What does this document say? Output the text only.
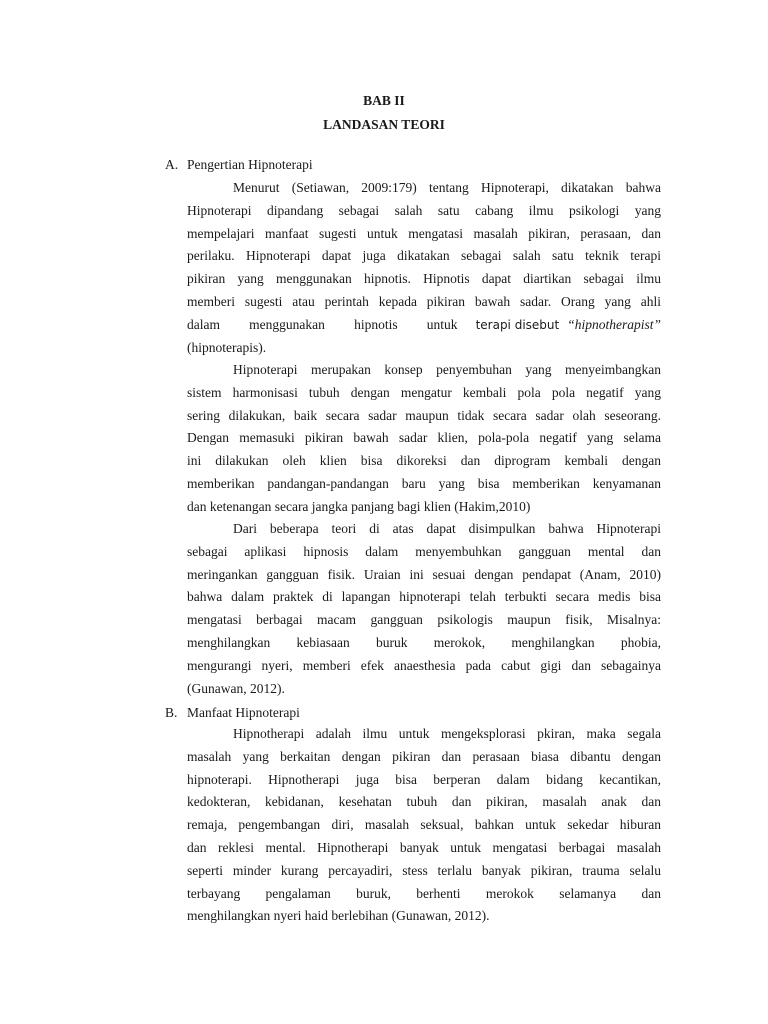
BAB II
LANDASAN TEORI
A. Pengertian Hipnoterapi
Menurut (Setiawan, 2009:179) tentang Hipnoterapi, dikatakan bahwa
Hipnoterapi dipandang sebagai salah satu cabang ilmu psikologi yang
mempelajari manfaat sugesti untuk mengatasi masalah pikiran, perasaan, dan
perilaku. Hipnoterapi dapat juga dikatakan sebagai salah satu teknik terapi
pikiran yang menggunakan hipnotis. Hipnotis dapat diartikan sebagai ilmu
memberi sugesti atau perintah kepada pikiran bawah sadar. Orang yang ahli
dalam menggunakan hipnotis untuk terapi disebut “hipnotherapist”
(hipnoterapis).
Hipnoterapi merupakan konsep penyembuhan yang menyeimbangkan
sistem harmonisasi tubuh dengan mengatur kembali pola pola negatif yang
sering dilakukan, baik secara sadar maupun tidak secara sadar olah seseorang.
Dengan memasuki pikiran bawah sadar klien, pola-pola negatif yang selama
ini dilakukan oleh klien bisa dikoreksi dan diprogram kembali dengan
memberikan pandangan-pandangan baru yang bisa memberikan kenyamanan
dan ketenangan secara jangka panjang bagi klien (Hakim,2010)
Dari beberapa teori di atas dapat disimpulkan bahwa Hipnoterapi
sebagai aplikasi hipnosis dalam menyembuhkan gangguan mental dan
meringankan gangguan fisik. Uraian ini sesuai dengan pendapat (Anam, 2010)
bahwa dalam praktek di lapangan hipnoterapi telah terbukti secara medis bisa
mengatasi berbagai macam gangguan psikologis maupun fisik, Misalnya:
menghilangkan kebiasaan buruk merokok, menghilangkan phobia,
mengurangi nyeri, memberi efek anaesthesia pada cabut gigi dan sebagainya
(Gunawan, 2012).
B. Manfaat Hipnoterapi
Hipnotherapi adalah ilmu untuk mengeksplorasi pkiran, maka segala
masalah yang berkaitan dengan pikiran dan perasaan biasa dibantu dengan
hipnoterapi. Hipnotherapi juga bisa berperan dalam bidang kecantikan,
kedokteran, kebidanan, kesehatan tubuh dan pikiran, masalah anak dan
remaja, pengembangan diri, masalah seksual, bahkan untuk sekedar hiburan
dan reklesi mental. Hipnotherapi banyak untuk mengatasi berbagai masalah
seperti minder kurang percayadiri, stess terlalu banyak pikiran, trauma selalu
terbayang pengalaman buruk, berhenti merokok selamanya dan
menghilangkan nyeri haid berlebihan (Gunawan, 2012).
